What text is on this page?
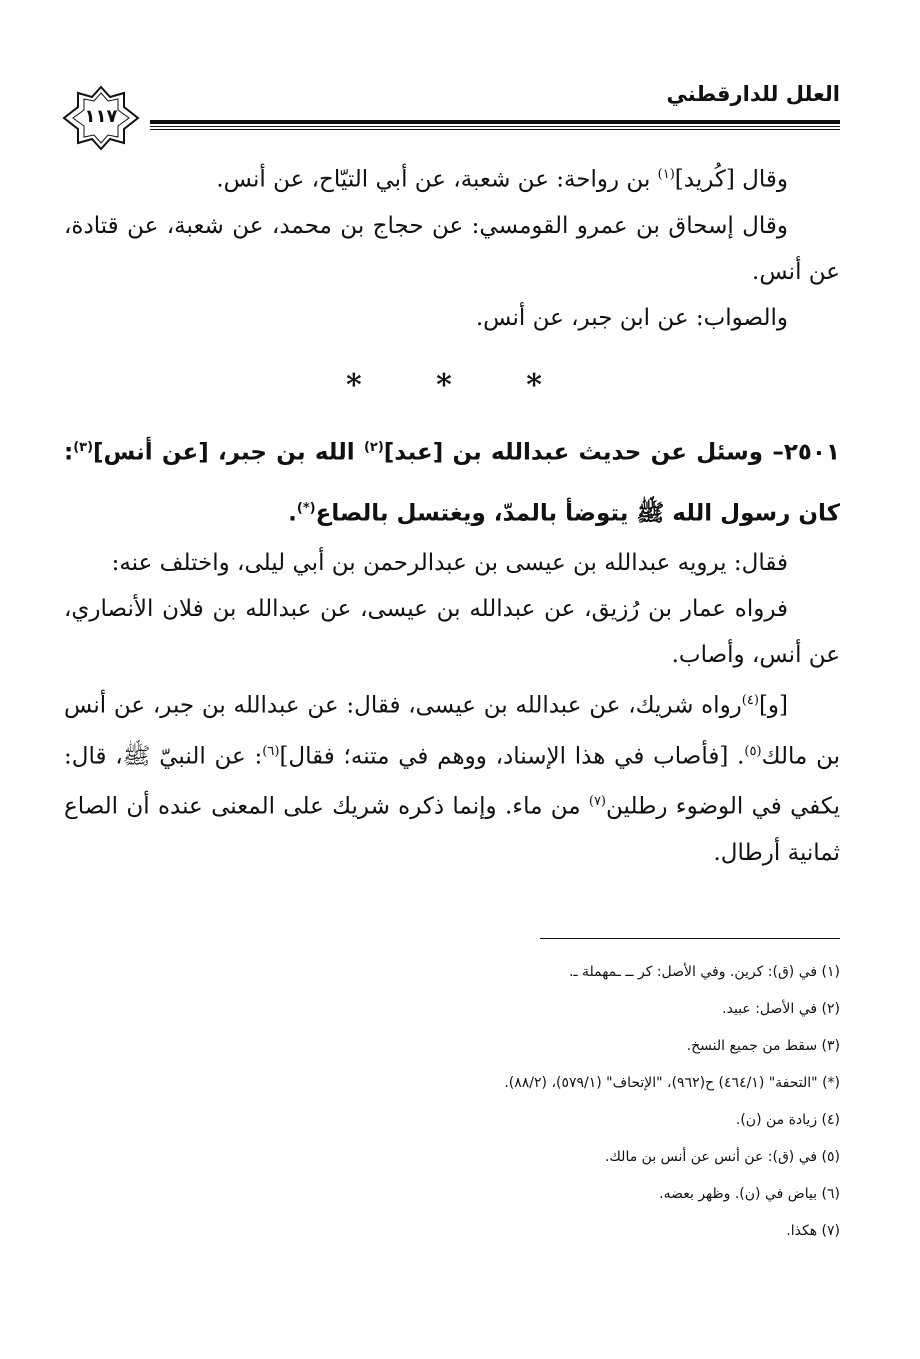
العلل للدارقطني
١١٧

وقال [كُريد]$^{(١)}$ بن رواحة: عن شعبة، عن أبي التيّاح، عن أنس.

وقال إسحاق بن عمرو القومسي: عن حجاج بن محمد، عن شعبة، عن قتادة، عن أنس.

والصواب: عن ابن جبر، عن أنس.

* * *
٢٥٠١– وسئل عن حديث عبدالله بن [عبد]$^{(٢)}$ الله بن جبر، [عن أنس]$^{(٣)}$: كان رسول الله ﷺ يتوضأ بالمدّ، ويغتسل بالصاع(*).

فقال: يرويه عبدالله بن عيسى بن عبدالرحمن بن أبي ليلى، واختلف عنه:

فرواه عمار بن رُزيق، عن عبدالله بن عيسى، عن عبدالله بن فلان الأنصاري، عن أنس، وأصاب.

[و]$^{(٤)}$رواه شريك، عن عبدالله بن عيسى، فقال: عن عبدالله بن جبر، عن أنس بن مالك$^{(٥)}$. [فأصاب في هذا الإسناد، ووهم في متنه؛ فقال]$^{(٦)}$: عن النبيّ ﷺ، قال: يكفي في الوضوء رطلين$^{(٧)}$ من ماء. وإنما ذكره شريك على المعنى عنده أن الصاع ثمانية أرطال.

(١) في (ق): كرين. وفي الأصل: كر ــ ـمهملة ـ.

(٢) في الأصل: عبيد.

(٣) سقط من جميع النسخ.

(*) "التحفة" (٤٦٤/١) ح(٩٦٢)، "الإتحاف" (٥٧٩/١)، (٨٨/٢).

(٤) زيادة من (ن).

(٥) في (ق): عن أنس عن أنس بن مالك.

(٦) بياض في (ن). وظهر بعضه.

(٧) هكذا.
